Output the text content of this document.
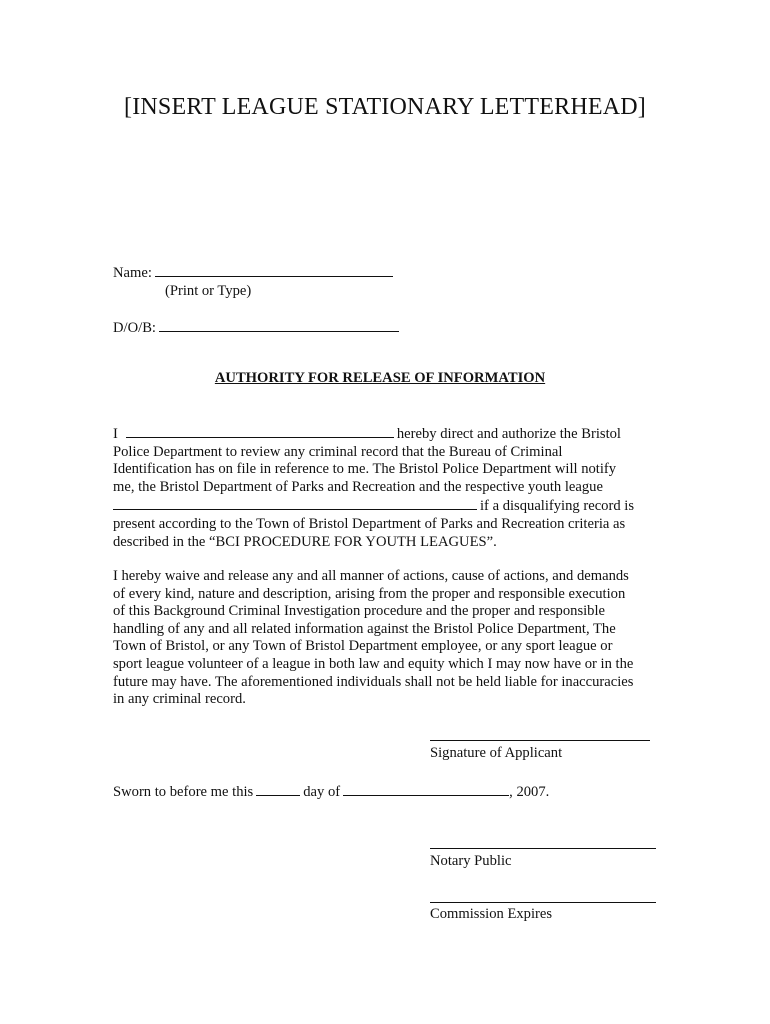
[INSERT LEAGUE STATIONARY LETTERHEAD]
Name:
(Print or Type)
D/O/B:
AUTHORITY FOR RELEASE OF INFORMATION
I	hereby direct and authorize the Bristol
Police Department to review any criminal record that the Bureau of Criminal
Identification has on file in reference to me. The Bristol Police Department will notify
me, the Bristol Department of Parks and Recreation and the respective youth league
if a disqualifying record is
present according to the Town of Bristol Department of Parks and Recreation criteria as
described in the “BCI PROCEDURE FOR YOUTH LEAGUES”.
I hereby waive and release any and all manner of actions, cause of actions, and demands
of every kind, nature and description, arising from the proper and responsible execution
of this Background Criminal Investigation procedure and the proper and responsible
handling of any and all related information against the Bristol Police Department, The
Town of Bristol, or any Town of Bristol Department employee, or any sport league or
sport league volunteer of a league in both law and equity which I may now have or in the
future may have. The aforementioned individuals shall not be held liable for inaccuracies
in any criminal record.
Signature of Applicant
Sworn to before me this	day of	, 2007.
Notary Public
Commission Expires
